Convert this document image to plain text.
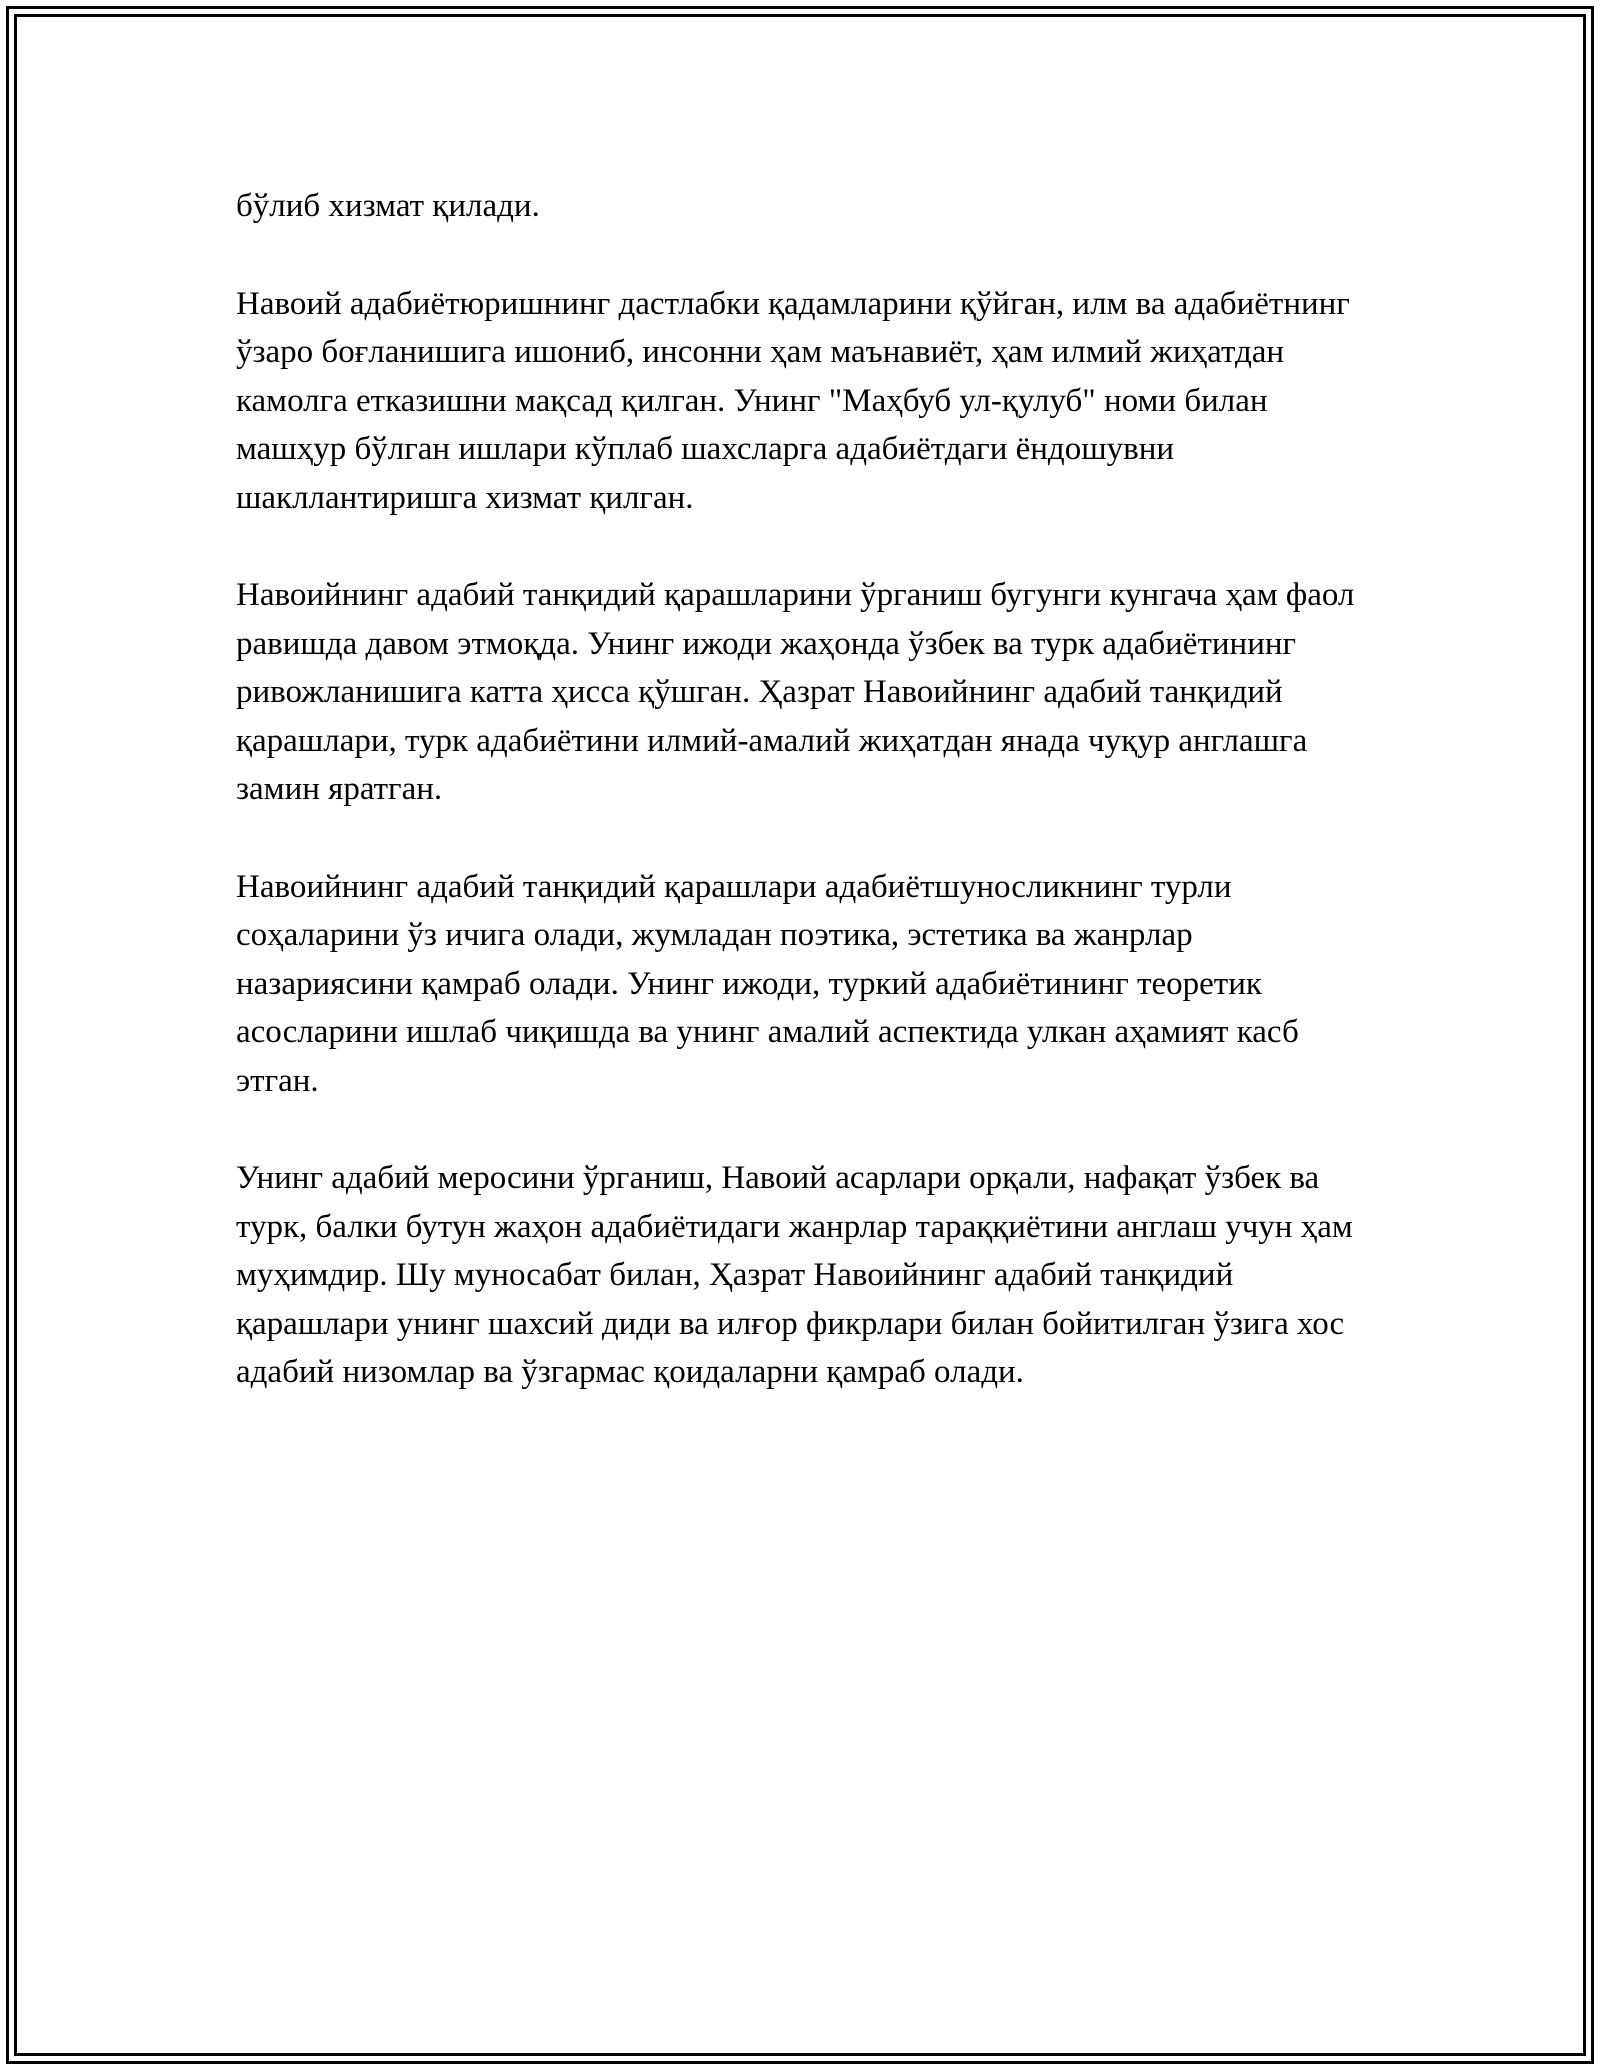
бўлиб хизмат қилади.

Навоий адабиётюришнинг дастлабки қадамларини қўйган, илм ва адабиётнинг ўзаро боғланишига ишониб, инсонни ҳам маънавиёт, ҳам илмий жиҳатдан камолга етказишни мақсад қилган. Унинг "Маҳбуб ул-қулуб" номи билан машҳур бўлган ишлари кўплаб шахсларга адабиётдаги ёндошувни шакллантиришга хизмат қилган.

Навоийнинг адабий танқидий қарашларини ўрганиш бугунги кунгача ҳам фаол равишда давом этмоқда. Унинг ижоди жаҳонда ўзбек ва турк адабиётининг ривожланишига катта ҳисса қўшган. Ҳазрат Навоийнинг адабий танқидий қарашлари, турк адабиётини илмий-амалий жиҳатдан янада чуқур англашга замин яратган.

Навоийнинг адабий танқидий қарашлари адабиётшуносликнинг турли соҳаларини ўз ичига олади, жумладан поэтика, эстетика ва жанрлар назариясини қамраб олади. Унинг ижоди, туркий адабиётининг теоретик асосларини ишлаб чиқишда ва унинг амалий аспектида улкан аҳамият касб этган.

Унинг адабий меросини ўрганиш, Навоий асарлари орқали, нафақат ўзбек ва турк, балки бутун жаҳон адабиётидаги жанрлар тараққиётини англаш учун ҳам муҳимдир. Шу муносабат билан, Ҳазрат Навоийнинг адабий танқидий қарашлари унинг шахсий диди ва илғор фикрлари билан бойитилган ўзига хос адабий низомлар ва ўзгармас қоидаларни қамраб олади.
